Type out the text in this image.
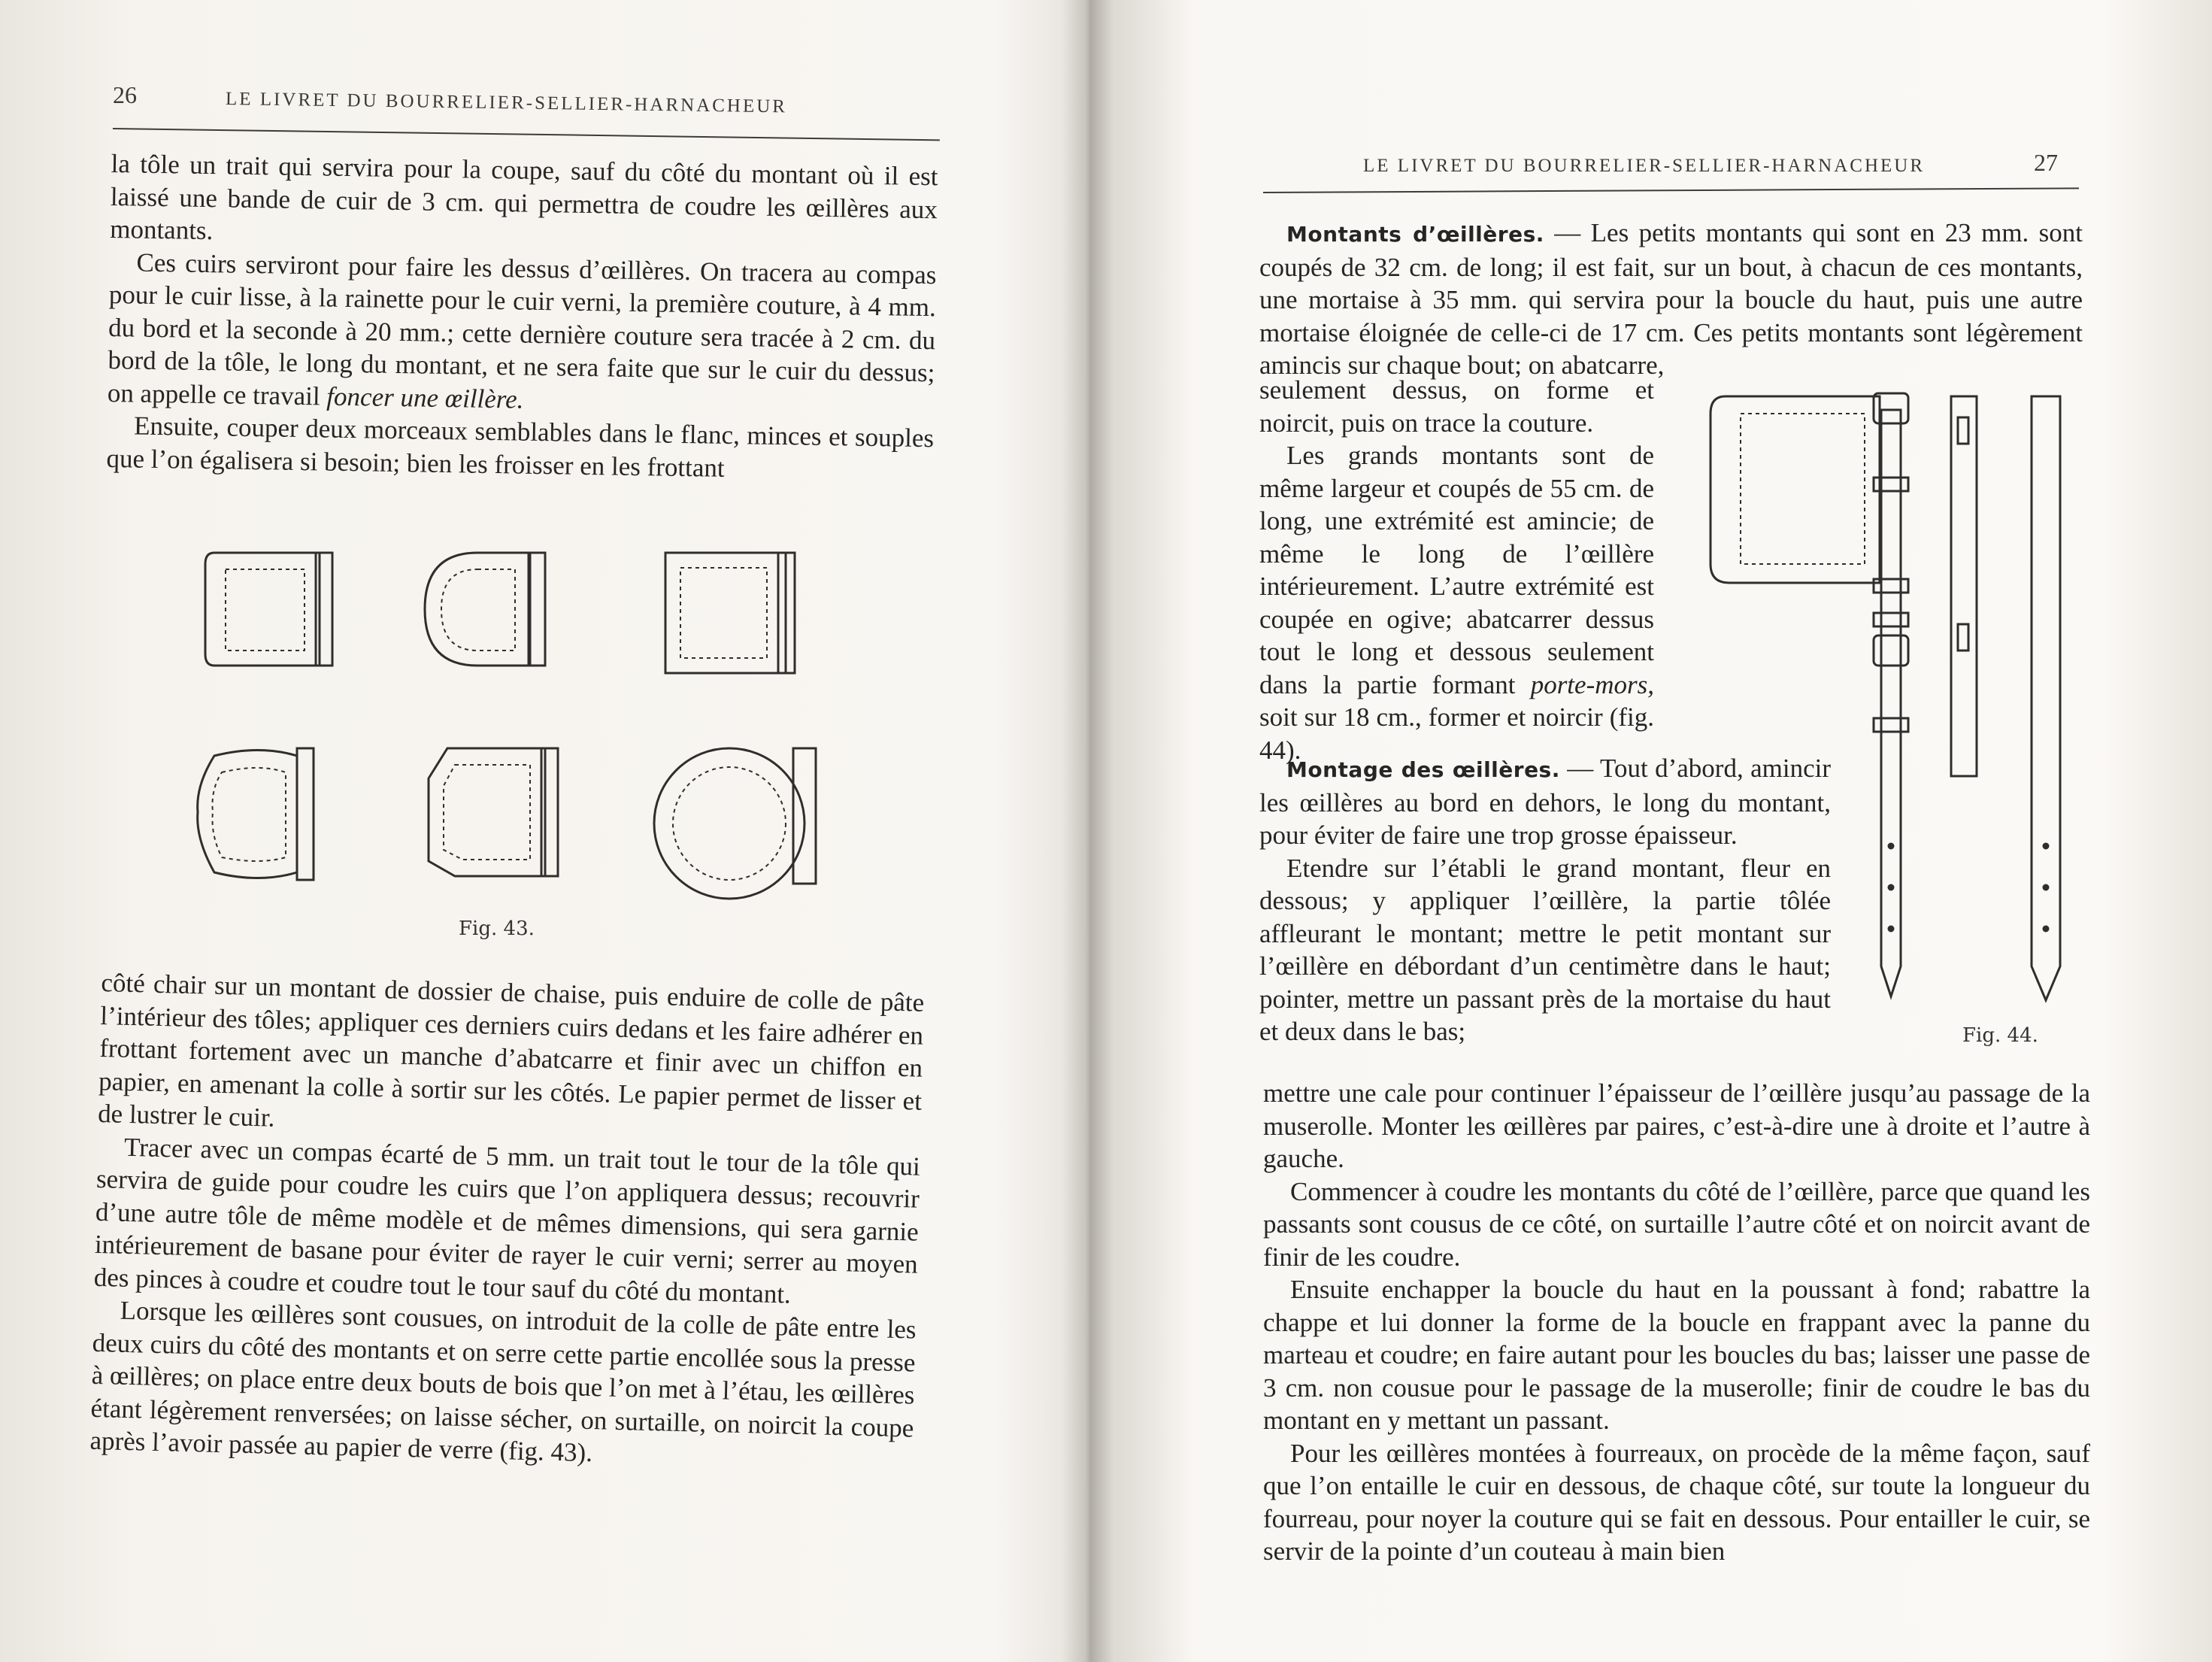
26	LE LIVRET DU BOURRELIER-SELLIER-HARNACHEUR

la tôle un trait qui servira pour la coupe, sauf du côté du montant où il est laissé une bande de cuir de 3 cm. qui permettra de coudre les œillères aux montants.

Ces cuirs serviront pour faire les dessus d’œillères. On tracera au compas pour le cuir lisse, à la rainette pour le cuir verni, la première couture, à 4 mm. du bord et la seconde à 20 mm.; cette dernière couture sera tracée à 2 cm. du bord de la tôle, le long du montant, et ne sera faite que sur le cuir du dessus; on appelle ce travail foncer une œillère.

Ensuite, couper deux morceaux semblables dans le flanc, minces et souples que l’on égalisera si besoin; bien les froisser en les frottant

Fig. 43.

côté chair sur un montant de dossier de chaise, puis enduire de colle de pâte l’intérieur des tôles; appliquer ces derniers cuirs dedans et les faire adhérer en frottant fortement avec un manche d’abatcarre et finir avec un chiffon en papier, en amenant la colle à sortir sur les côtés. Le papier permet de lisser et de lustrer le cuir.

Tracer avec un compas écarté de 5 mm. un trait tout le tour de la tôle qui servira de guide pour coudre les cuirs que l’on appliquera dessus; recouvrir d’une autre tôle de même modèle et de mêmes dimensions, qui sera garnie intérieurement de basane pour éviter de rayer le cuir verni; serrer au moyen des pinces à coudre et coudre tout le tour sauf du côté du montant.

Lorsque les œillères sont cousues, on introduit de la colle de pâte entre les deux cuirs du côté des montants et on serre cette partie encollée sous la presse à œillères; on place entre deux bouts de bois que l’on met à l’étau, les œillères étant légèrement renversées; on laisse sécher, on surtaille, on noircit la coupe après l’avoir passée au papier de verre (fig. 43).

LE LIVRET DU BOURRELIER-SELLIER-HARNACHEUR	27

Montants d’œillères. — Les petits montants qui sont en 23 mm. sont coupés de 32 cm. de long; il est fait, sur un bout, à chacun de ces montants, une mortaise à 35 mm. qui servira pour la boucle du haut, puis une autre mortaise éloignée de celle-ci de 17 cm. Ces petits montants sont légèrement amincis sur chaque bout; on abatcarre,

seulement dessus, on forme et noircit, puis on trace la couture.

Les grands montants sont de même largeur et coupés de 55 cm. de long, une extrémité est amincie; de même le long de l’œillère intérieurement. L’autre extrémité est coupée en ogive; abatcarrer dessus tout le long et dessous seulement dans la partie formant porte-mors, soit sur 18 cm., former et noircir (fig. 44).

Montage des œillères. — Tout d’abord, amincir les œillères au bord en dehors, le long du montant, pour éviter de faire une trop grosse épaisseur.

Etendre sur l’établi le grand montant, fleur en dessous; y appliquer l’œillère, la partie tôlée affleurant le montant; mettre le petit montant sur l’œillère en débordant d’un centimètre dans le haut; pointer, mettre un passant près de la mortaise du haut et deux dans le bas;

mettre une cale pour continuer l’épaisseur de l’œillère jusqu’au passage de la muserolle. Monter les œillères par paires, c’est-à-dire une à droite et l’autre à gauche.

Commencer à coudre les montants du côté de l’œillère, parce que quand les passants sont cousus de ce côté, on surtaille l’autre côté et on noircit avant de finir de les coudre.

Ensuite enchapper la boucle du haut en la poussant à fond; rabattre la chappe et lui donner la forme de la boucle en frappant avec la panne du marteau et coudre; en faire autant pour les boucles du bas; laisser une passe de 3 cm. non cousue pour le passage de la muserolle; finir de coudre le bas du montant en y mettant un passant.

Pour les œillères montées à fourreaux, on procède de la même façon, sauf que l’on entaille le cuir en dessous, de chaque côté, sur toute la longueur du fourreau, pour noyer la couture qui se fait en dessous. Pour entailler le cuir, se servir de la pointe d’un couteau à main bien

Fig. 44.
